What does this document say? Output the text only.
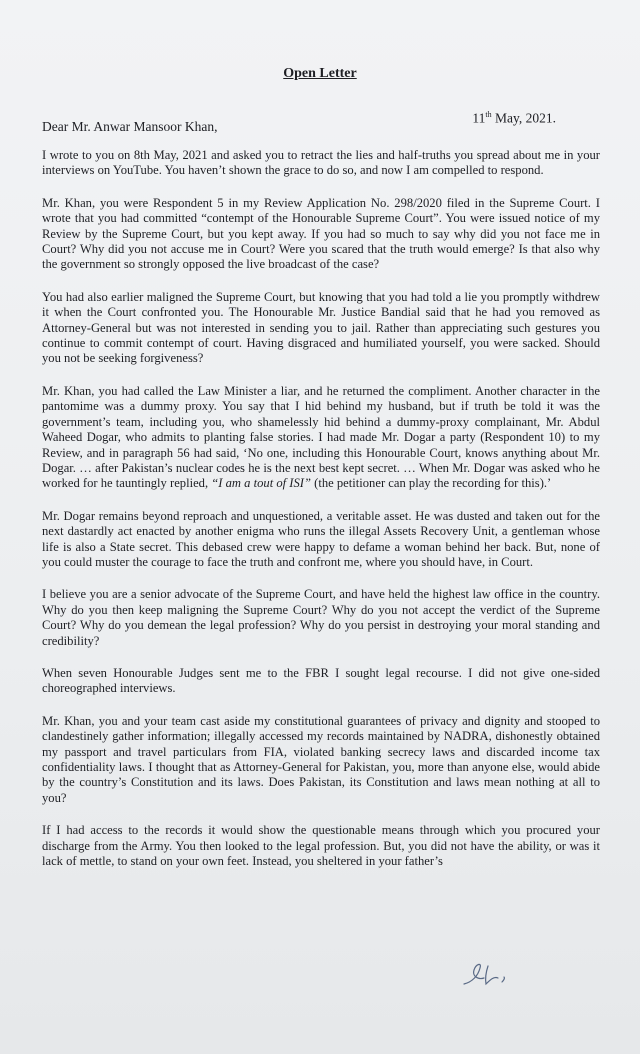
Open Letter
11th May, 2021.
Dear Mr. Anwar Mansoor Khan,

I wrote to you on 8th May, 2021 and asked you to retract the lies and half-truths you spread about me in your interviews on YouTube. You haven’t shown the grace to do so, and now I am compelled to respond.

Mr. Khan, you were Respondent 5 in my Review Application No. 298/2020 filed in the Supreme Court. I wrote that you had committed “contempt of the Honourable Supreme Court”. You were issued notice of my Review by the Supreme Court, but you kept away. If you had so much to say why did you not face me in Court? Why did you not accuse me in Court? Were you scared that the truth would emerge? Is that also why the government so strongly opposed the live broadcast of the case?

You had also earlier maligned the Supreme Court, but knowing that you had told a lie you promptly withdrew it when the Court confronted you. The Honourable Mr. Justice Bandial said that he had you removed as Attorney-General but was not interested in sending you to jail. Rather than appreciating such gestures you continue to commit contempt of court. Having disgraced and humiliated yourself, you were sacked. Should you not be seeking forgiveness?

Mr. Khan, you had called the Law Minister a liar, and he returned the compliment. Another character in the pantomime was a dummy proxy. You say that I hid behind my husband, but if truth be told it was the government’s team, including you, who shamelessly hid behind a dummy-proxy complainant, Mr. Abdul Waheed Dogar, who admits to planting false stories. I had made Mr. Dogar a party (Respondent 10) to my Review, and in paragraph 56 had said, ‘No one, including this Honourable Court, knows anything about Mr. Dogar. … after Pakistan’s nuclear codes he is the next best kept secret. … When Mr. Dogar was asked who he worked for he tauntingly replied, “I am a tout of ISI” (the petitioner can play the recording for this).’

Mr. Dogar remains beyond reproach and unquestioned, a veritable asset. He was dusted and taken out for the next dastardly act enacted by another enigma who runs the illegal Assets Recovery Unit, a gentleman whose life is also a State secret. This debased crew were happy to defame a woman behind her back. But, none of you could muster the courage to face the truth and confront me, where you should have, in Court.

I believe you are a senior advocate of the Supreme Court, and have held the highest law office in the country. Why do you then keep maligning the Supreme Court? Why do you not accept the verdict of the Supreme Court? Why do you demean the legal profession? Why do you persist in destroying your moral standing and credibility?

When seven Honourable Judges sent me to the FBR I sought legal recourse. I did not give one-sided choreographed interviews.

Mr. Khan, you and your team cast aside my constitutional guarantees of privacy and dignity and stooped to clandestinely gather information; illegally accessed my records maintained by NADRA, dishonestly obtained my passport and travel particulars from FIA, violated banking secrecy laws and discarded income tax confidentiality laws. I thought that as Attorney-General for Pakistan, you, more than anyone else, would abide by the country’s Constitution and its laws. Does Pakistan, its Constitution and laws mean nothing at all to you?

If I had access to the records it would show the questionable means through which you procured your discharge from the Army. You then looked to the legal profession. But, you did not have the ability, or was it lack of mettle, to stand on your own feet. Instead, you sheltered in your father’s
